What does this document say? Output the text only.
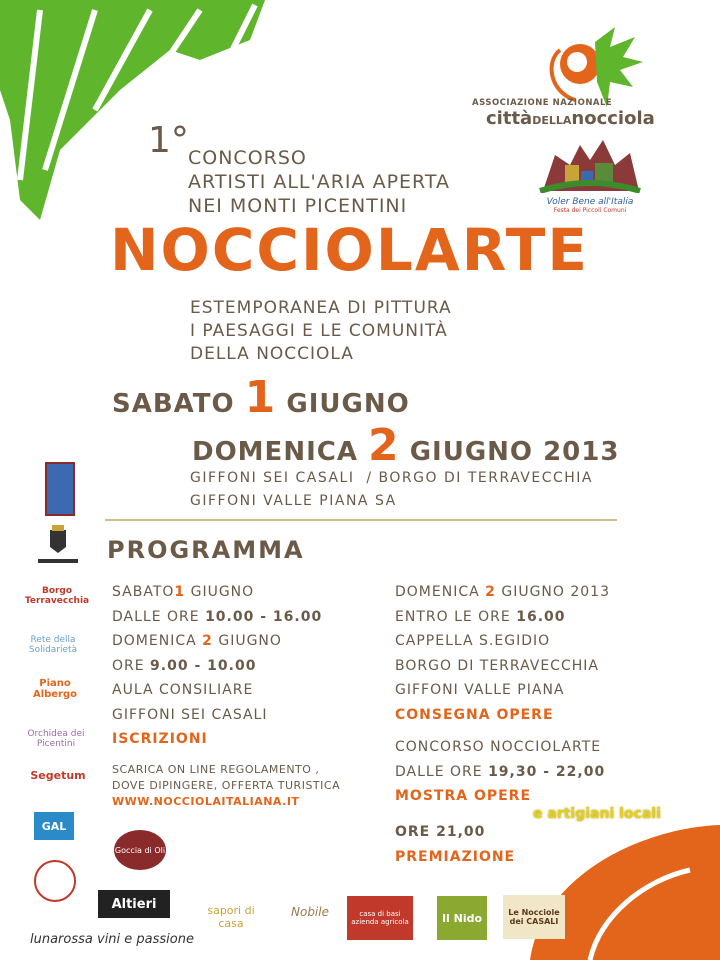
ASSOCIAZIONE NAZIONALE
cittàDELLAnocciola
Voler Bene all'Italia
Festa dei Piccoli Comuni
1° CONCORSO
ARTISTI ALL'ARIA APERTA
NEI MONTI PICENTINI
NOCCIOLARTE
ESTEMPORANEA DI PITTURA
I PAESAGGI E LE COMUNITÀ
DELLA NOCCIOLA
SABATO 1 GIUGNO
DOMENICA 2 GIUGNO 2013
GIFFONI SEI CASALI  / BORGO DI TERRAVECCHIA
GIFFONI VALLE PIANA SA
PROGRAMMA
SABATO1 GIUGNO
DALLE ORE 10.00 - 16.00
DOMENICA 2 GIUGNO
ORE 9.00 - 10.00
AULA CONSILIARE
GIFFONI SEI CASALI
ISCRIZIONI
SCARICA ON LINE REGOLAMENTO ,
DOVE DIPINGERE, OFFERTA TURISTICA
WWW.NOCCIOLAITALIANA.IT
DOMENICA 2 GIUGNO 2013
ENTRO LE ORE 16.00
CAPPELLA S.EGIDIO
BORGO DI TERRAVECCHIA
GIFFONI VALLE PIANA
CONSEGNA OPERE
CONCORSO NOCCIOLARTE
DALLE ORE 19,30 - 22,00
MOSTRA OPERE
e artigiani locali
ORE 21,00
PREMIAZIONE
Borgo Terravecchia
Rete della Solidarietà
Piano Albergo
Orchidea dei Picentini
Segetum
GAL
Goccia di Oli
Altieri	sapori di casa
Nobile	casa di basi azienda agricola	Il Nido	Le Nocciole dei CASALI
lunarossa vini e passione
